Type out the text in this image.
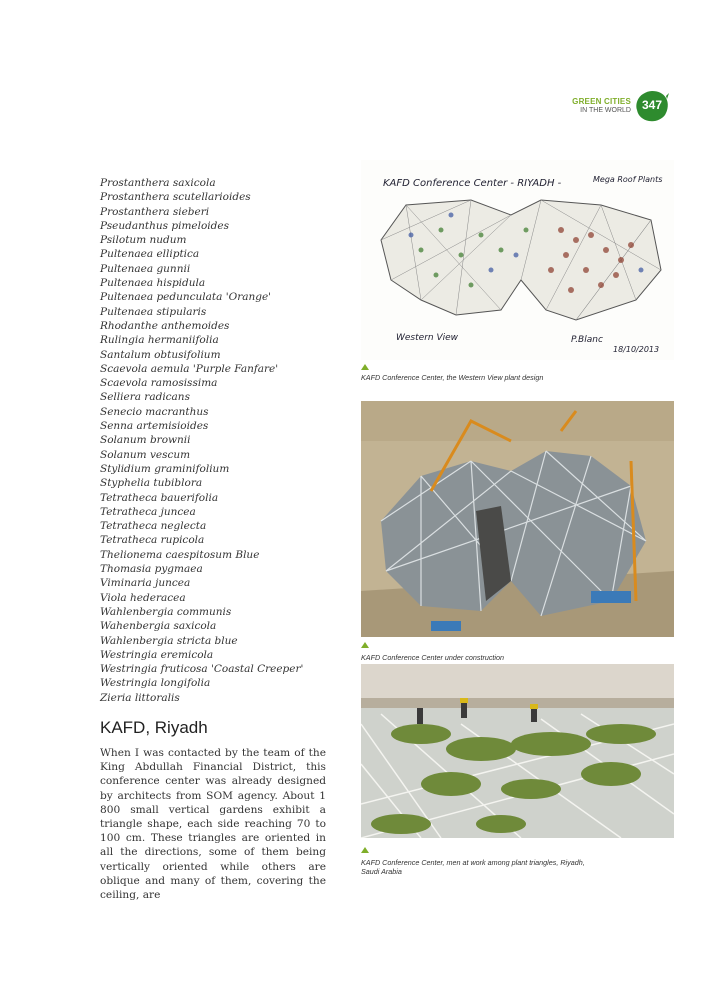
GREEN CITIES
IN THE WORLD 347
Prostanthera saxicola
Prostanthera scutellarioides
Prostanthera sieberi
Pseudanthus pimeloides
Psilotum nudum
Pultenaea elliptica
Pultenaea gunnii
Pultenaea hispidula
Pultenaea pedunculata 'Orange'
Pultenaea stipularis
Rhodanthe anthemoides
Rulingia hermaniifolia
Santalum obtusifolium
Scaevola aemula 'Purple Fanfare'
Scaevola ramosissima
Selliera radicans
Senecio macranthus
Senna artemisioides
Solanum brownii
Solanum vescum
Stylidium graminifolium
Styphelia tubiblora
Tetratheca bauerifolia
Tetratheca juncea
Tetratheca neglecta
Tetratheca rupicola
Thelionema caespitosum Blue
Thomasia pygmaea
Viminaria juncea
Viola hederacea
Wahlenbergia communis
Wahenbergia saxicola
Wahlenbergia stricta blue
Westringia eremicola
Westringia fruticosa 'Coastal Creeper'
Westringia longifolia
Zieria littoralis
KAFD, Riyadh

When I was contacted by the team of the King Abdullah Financial District, this conference center was already designed by architects from SOM agency. About 1 800 small vertical gardens exhibit a triangle shape, each side reaching 70 to 100 cm. These triangles are oriented in all the directions, some of them being vertically oriented while others are oblique and many of them, covering the ceiling, are

KAFD Conference Center - RIYADH -	Mega Roof Plants
Western View	P.Blanc
18/10/2013
KAFD Conference Center, the Western View plant design
KAFD Conference Center under construction
KAFD Conference Center, men at work among plant triangles, Riyadh,
Saudi Arabia
